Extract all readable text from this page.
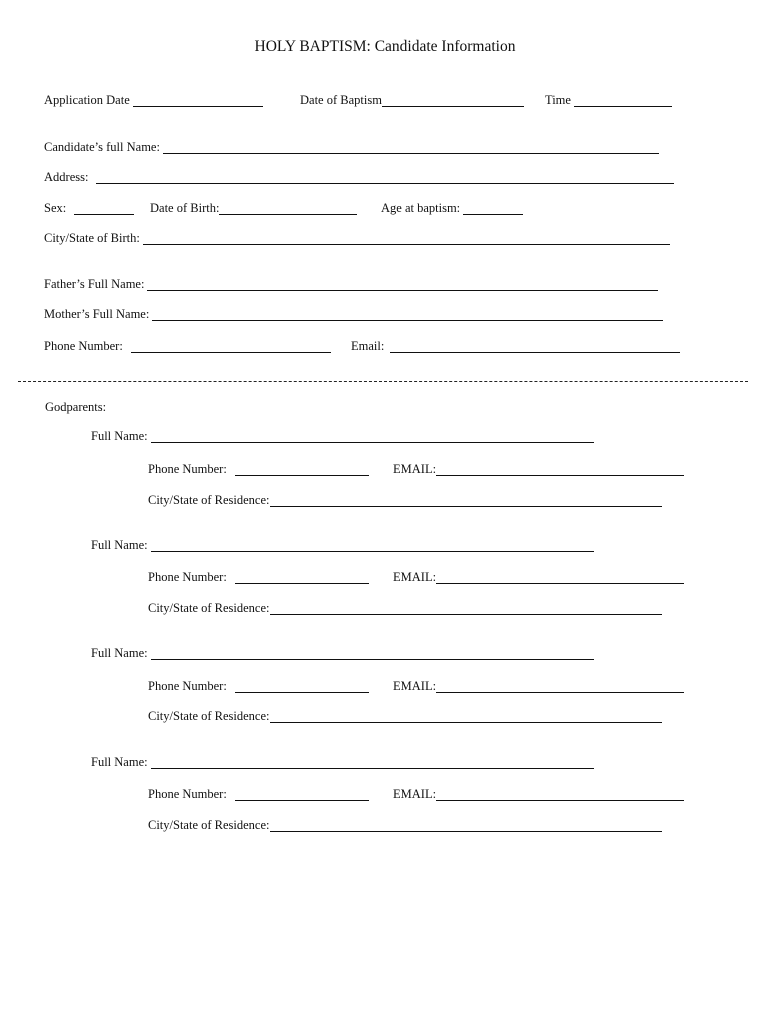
HOLY BAPTISM: Candidate Information
Application Date	Date of Baptism	Time
Candidate’s full Name:
Address:
Sex:	Date of Birth:	Age at baptism:
City/State of Birth:
Father’s Full Name:
Mother’s Full Name:
Phone Number:	Email:
Godparents:
Full Name:
Phone Number:	EMAIL:
City/State of Residence:
Full Name:
Phone Number:	EMAIL:
City/State of Residence:
Full Name:
Phone Number:	EMAIL:
City/State of Residence:
Full Name:
Phone Number:	EMAIL:
City/State of Residence:
